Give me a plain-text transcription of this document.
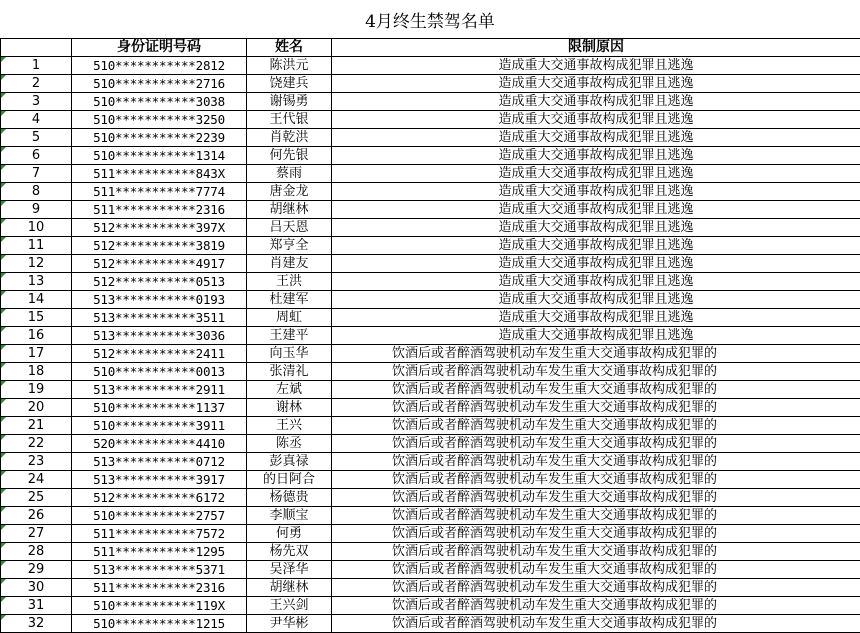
4月终生禁驾名单
	身份证明号码	姓名	限制原因
1	510***********2812	陈洪元	造成重大交通事故构成犯罪且逃逸
2	510***********2716	饶建兵	造成重大交通事故构成犯罪且逃逸
3	510***********3038	谢锡勇	造成重大交通事故构成犯罪且逃逸
4	510***********3250	王代银	造成重大交通事故构成犯罪且逃逸
5	510***********2239	肖乾洪	造成重大交通事故构成犯罪且逃逸
6	510***********1314	何先银	造成重大交通事故构成犯罪且逃逸
7	511***********843X	蔡雨	造成重大交通事故构成犯罪且逃逸
8	511***********7774	唐金龙	造成重大交通事故构成犯罪且逃逸
9	511***********2316	胡继林	造成重大交通事故构成犯罪且逃逸
10	512***********397X	吕天恩	造成重大交通事故构成犯罪且逃逸
11	512***********3819	郑亨全	造成重大交通事故构成犯罪且逃逸
12	512***********4917	肖建友	造成重大交通事故构成犯罪且逃逸
13	512***********0513	王洪	造成重大交通事故构成犯罪且逃逸
14	513***********0193	杜建军	造成重大交通事故构成犯罪且逃逸
15	513***********3511	周虹	造成重大交通事故构成犯罪且逃逸
16	513***********3036	王建平	造成重大交通事故构成犯罪且逃逸
17	512***********2411	向玉华	饮酒后或者醉酒驾驶机动车发生重大交通事故构成犯罪的
18	510***********0013	张清礼	饮酒后或者醉酒驾驶机动车发生重大交通事故构成犯罪的
19	513***********2911	左斌	饮酒后或者醉酒驾驶机动车发生重大交通事故构成犯罪的
20	510***********1137	谢林	饮酒后或者醉酒驾驶机动车发生重大交通事故构成犯罪的
21	510***********3911	王兴	饮酒后或者醉酒驾驶机动车发生重大交通事故构成犯罪的
22	520***********4410	陈丞	饮酒后或者醉酒驾驶机动车发生重大交通事故构成犯罪的
23	513***********0712	彭真禄	饮酒后或者醉酒驾驶机动车发生重大交通事故构成犯罪的
24	513***********3917	的日阿合	饮酒后或者醉酒驾驶机动车发生重大交通事故构成犯罪的
25	512***********6172	杨德贵	饮酒后或者醉酒驾驶机动车发生重大交通事故构成犯罪的
26	510***********2757	李顺宝	饮酒后或者醉酒驾驶机动车发生重大交通事故构成犯罪的
27	511***********7572	何勇	饮酒后或者醉酒驾驶机动车发生重大交通事故构成犯罪的
28	511***********1295	杨先双	饮酒后或者醉酒驾驶机动车发生重大交通事故构成犯罪的
29	513***********5371	吴泽华	饮酒后或者醉酒驾驶机动车发生重大交通事故构成犯罪的
30	511***********2316	胡继林	饮酒后或者醉酒驾驶机动车发生重大交通事故构成犯罪的
31	510***********119X	王兴剑	饮酒后或者醉酒驾驶机动车发生重大交通事故构成犯罪的
32	510***********1215	尹华彬	饮酒后或者醉酒驾驶机动车发生重大交通事故构成犯罪的
